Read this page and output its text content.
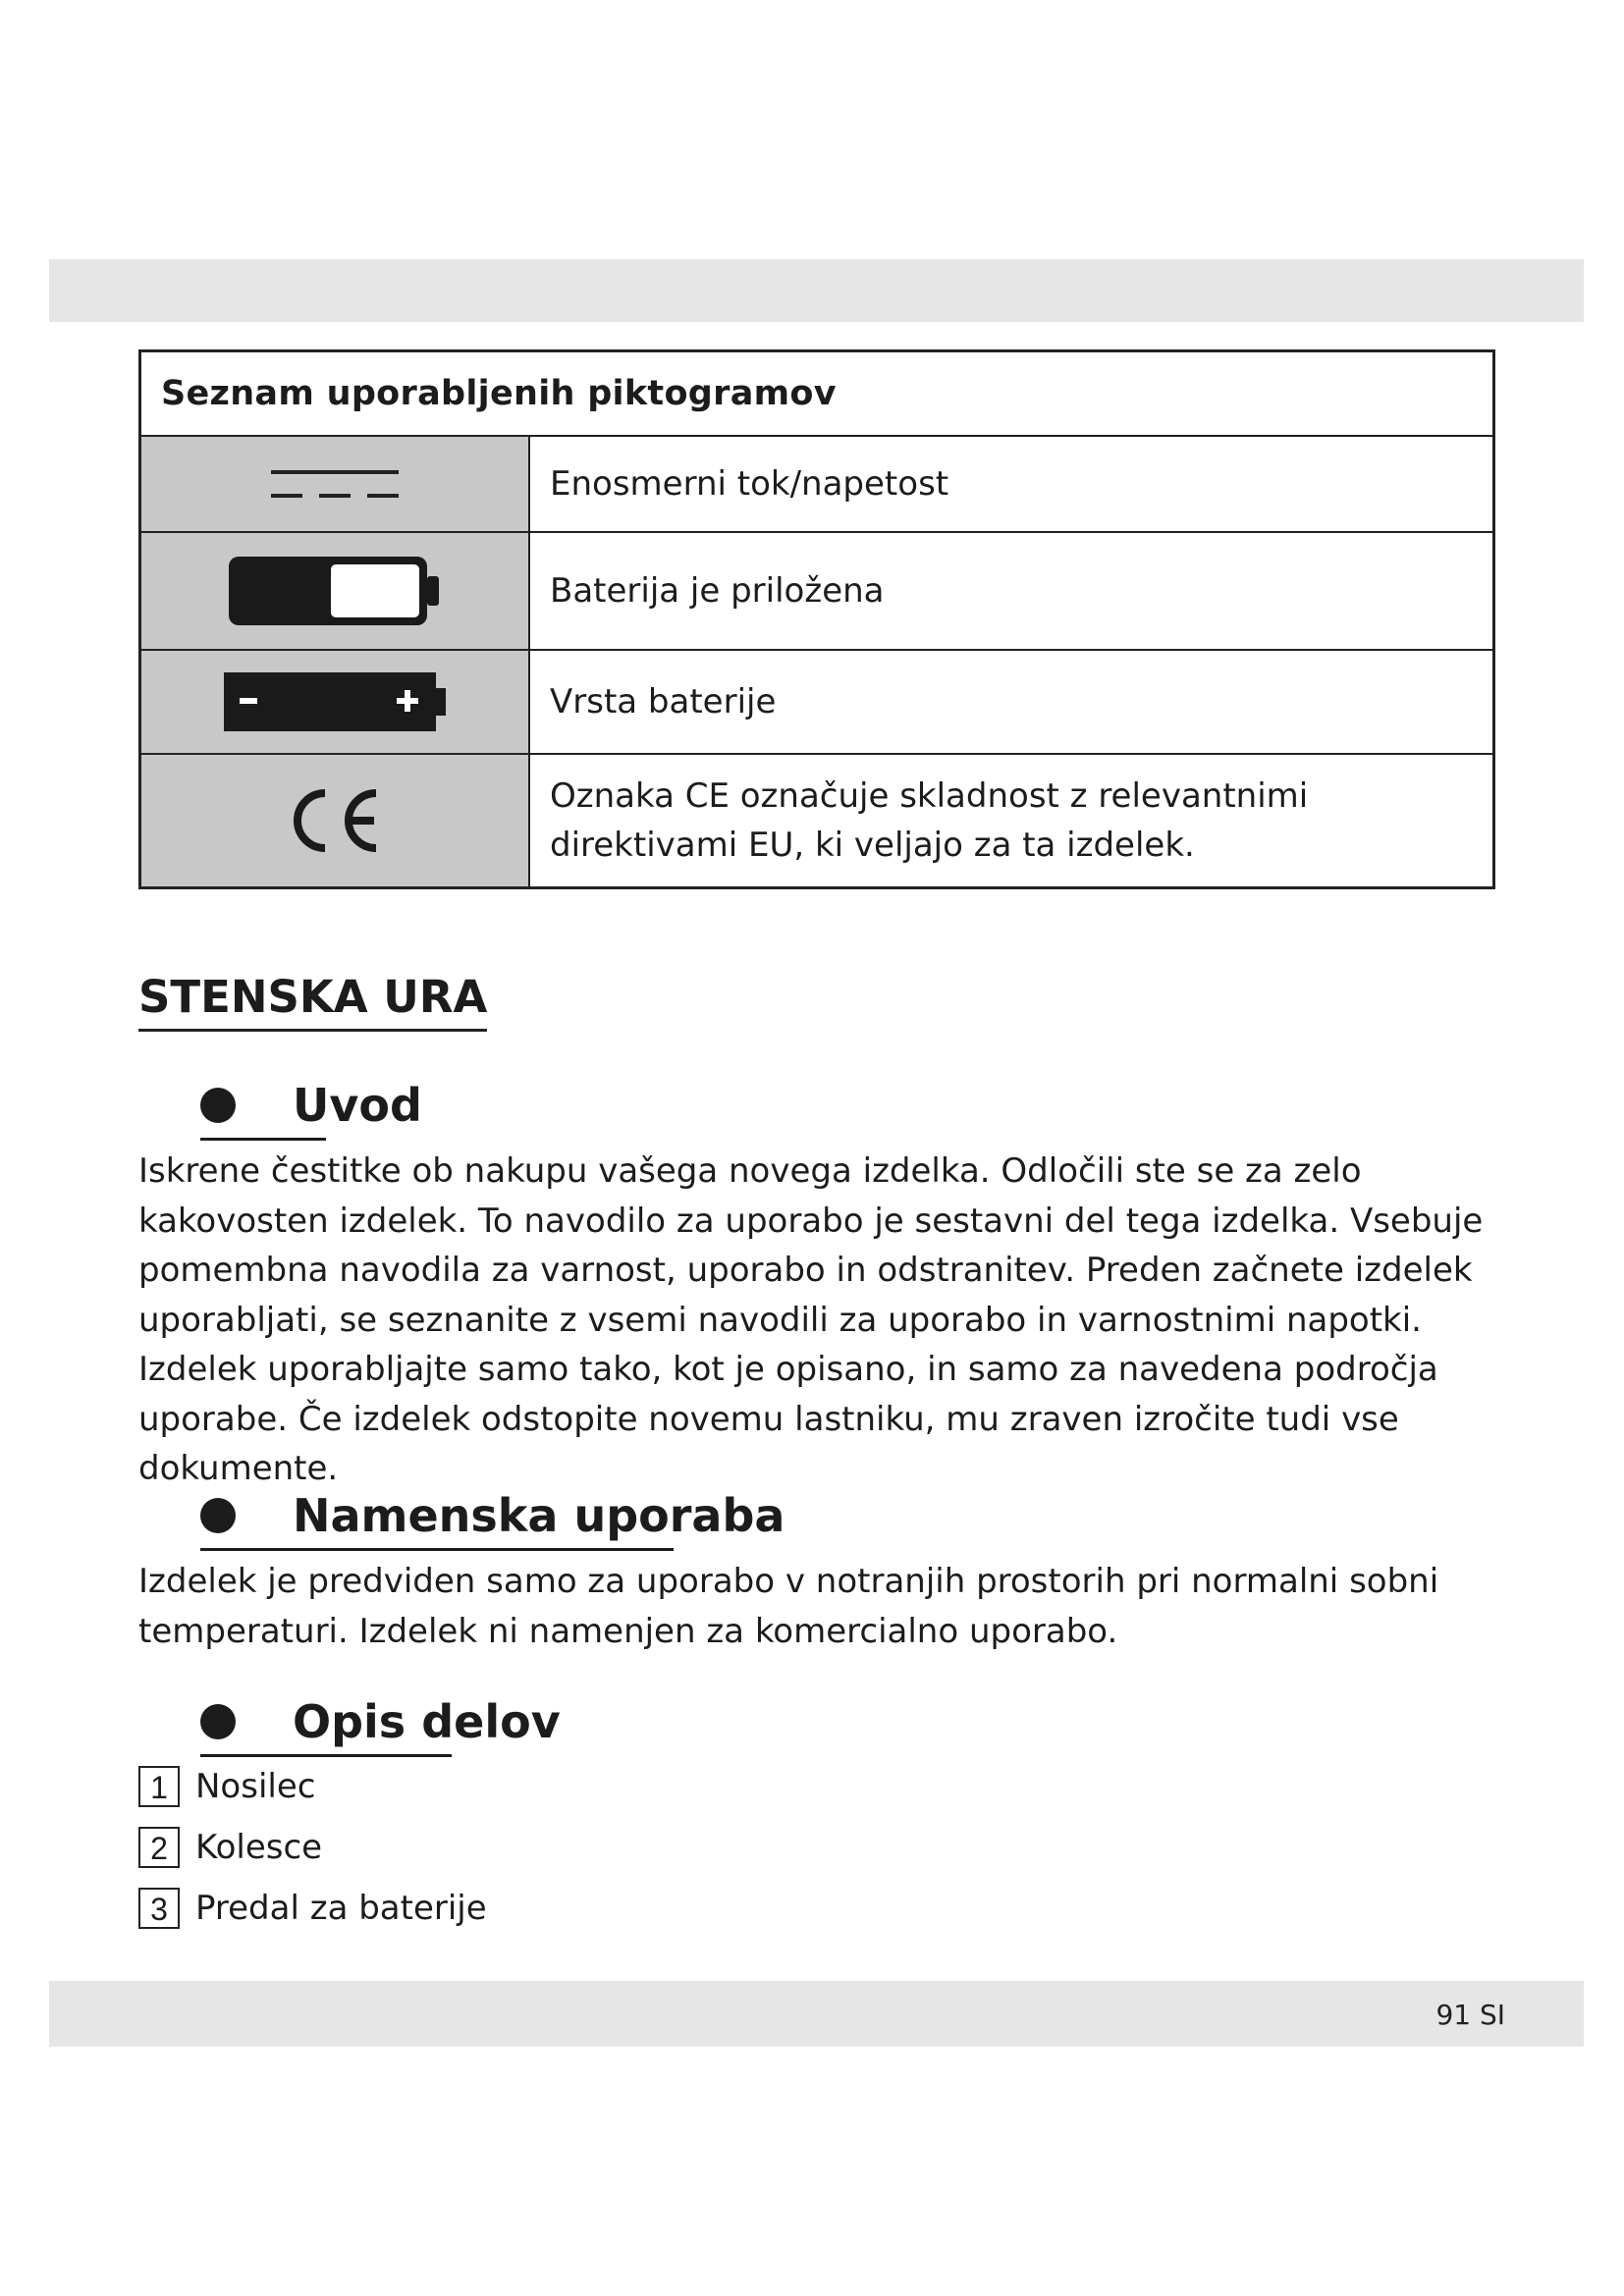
Seznam uporabljenih piktogramov	

	Enosmerni tok/napetost

	Baterija je priložena

	Vrsta baterije

	Oznaka CE označuje skladnost z relevantnimi direktivami EU, ki veljajo za ta izdelek.
STENSKA URA
Uvod

Iskrene čestitke ob nakupu vašega novega izdelka. Odločili ste se za zelo kakovosten izdelek. To navodilo za uporabo je sestavni del tega izdelka. Vsebuje pomembna navodila za varnost, uporabo in odstranitev. Preden začnete izdelek uporabljati, se seznanite z vsemi navodili za uporabo in varnostnimi napotki. Izdelek uporabljajte samo tako, kot je opisano, in samo za navedena področja uporabe. Če izdelek odstopite novemu lastniku, mu zraven izročite tudi vse dokumente.

Namenska uporaba

Izdelek je predviden samo za uporabo v notranjih prostorih pri normalni sobni temperaturi. Izdelek ni namenjen za komercialno uporabo.

Opis delov
1 Nosilec
2 Kolesce
3 Predal za baterije
91 SI
